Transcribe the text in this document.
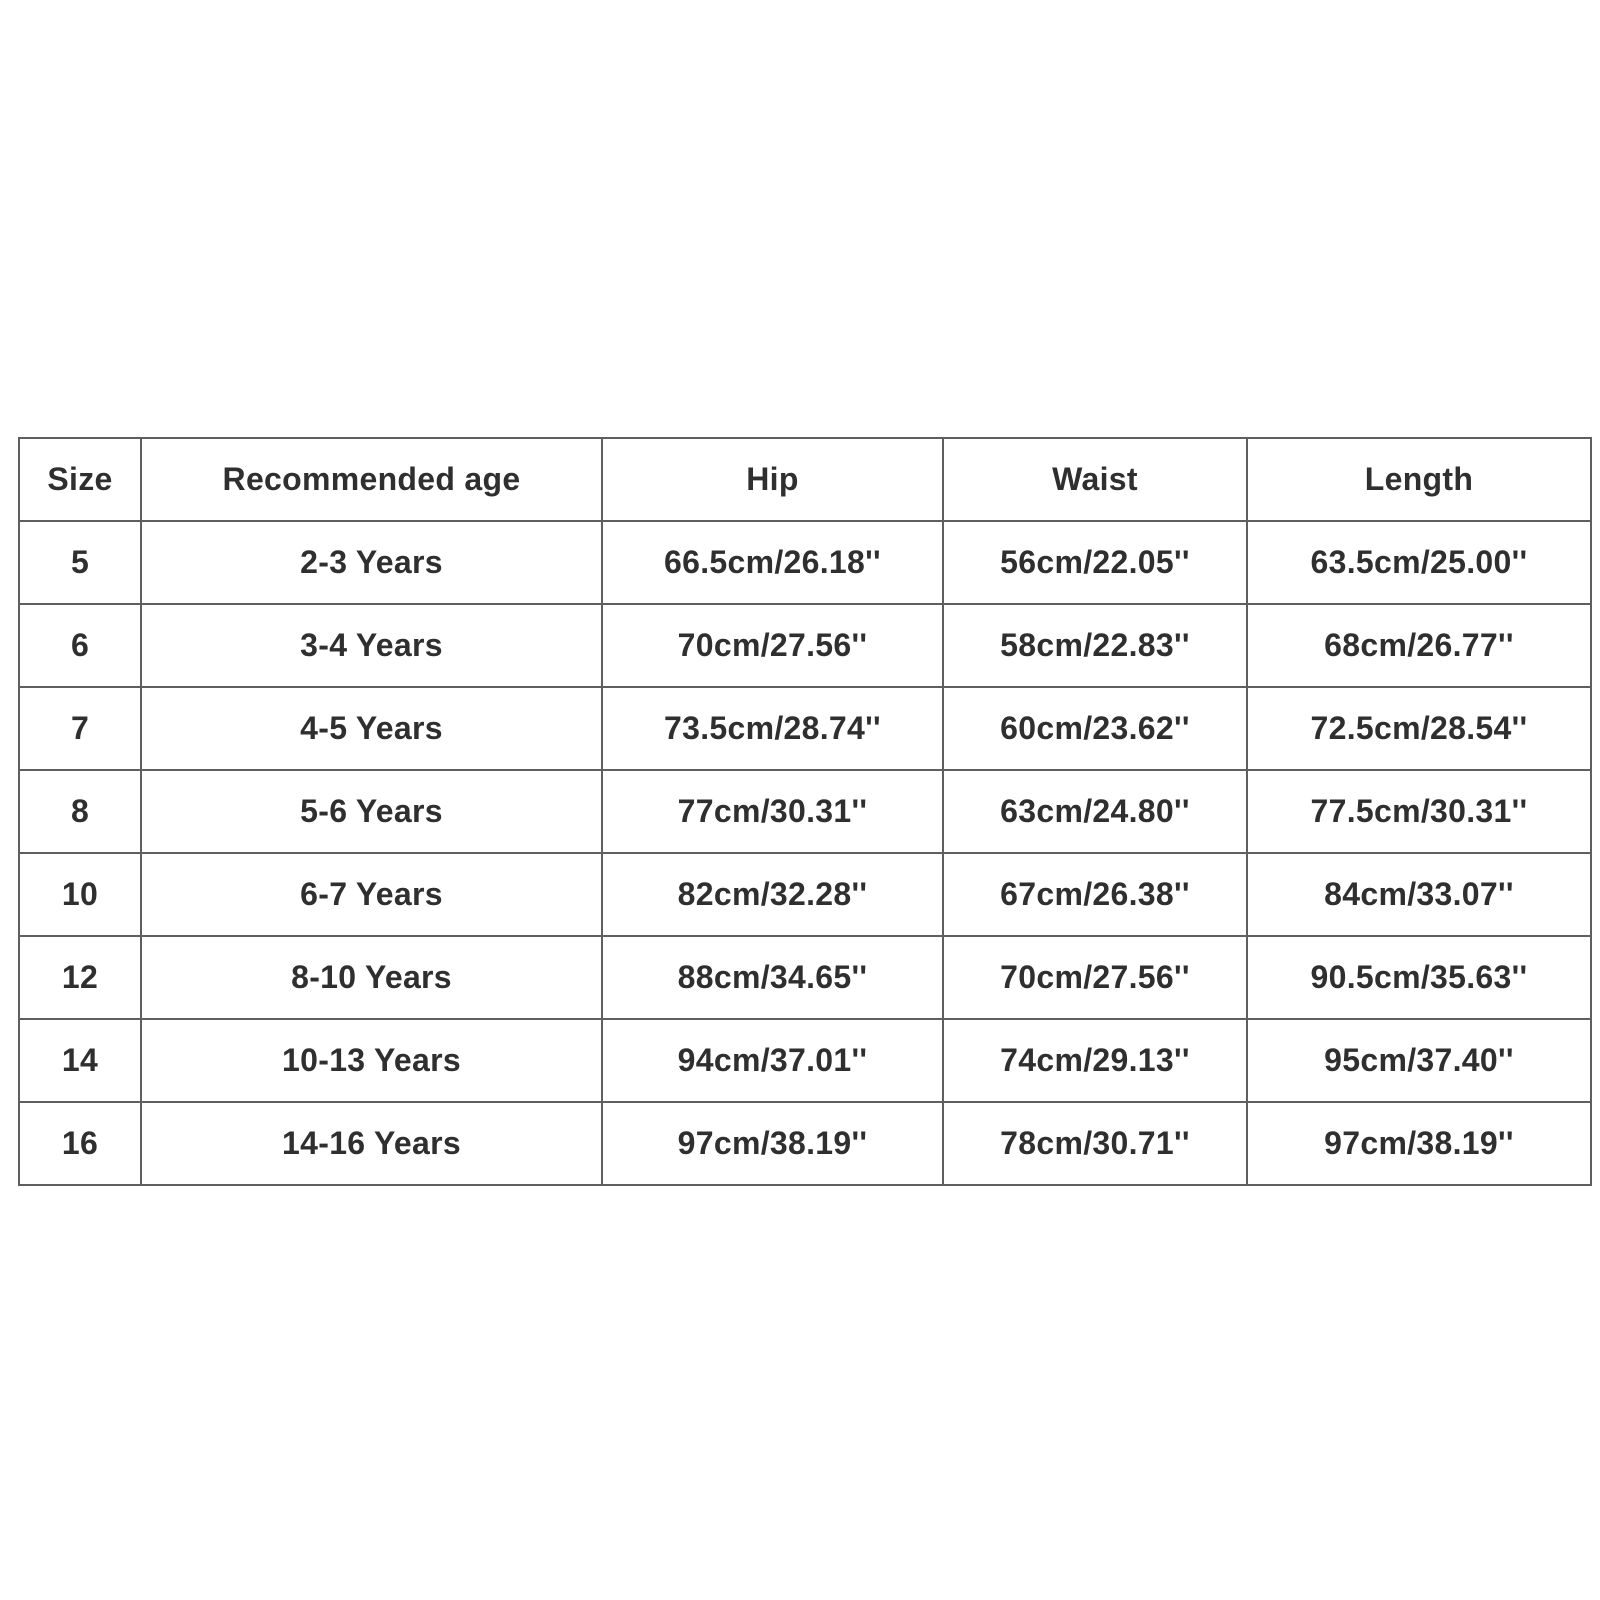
Size	Recommended age	Hip	Waist	Length
5	2-3 Years	66.5cm/26.18''	56cm/22.05''	63.5cm/25.00''
6	3-4 Years	70cm/27.56''	58cm/22.83''	68cm/26.77''
7	4-5 Years	73.5cm/28.74''	60cm/23.62''	72.5cm/28.54''
8	5-6 Years	77cm/30.31''	63cm/24.80''	77.5cm/30.31''
10	6-7 Years	82cm/32.28''	67cm/26.38''	84cm/33.07''
12	8-10 Years	88cm/34.65''	70cm/27.56''	90.5cm/35.63''
14	10-13 Years	94cm/37.01''	74cm/29.13''	95cm/37.40''
16	14-16 Years	97cm/38.19''	78cm/30.71''	97cm/38.19''
